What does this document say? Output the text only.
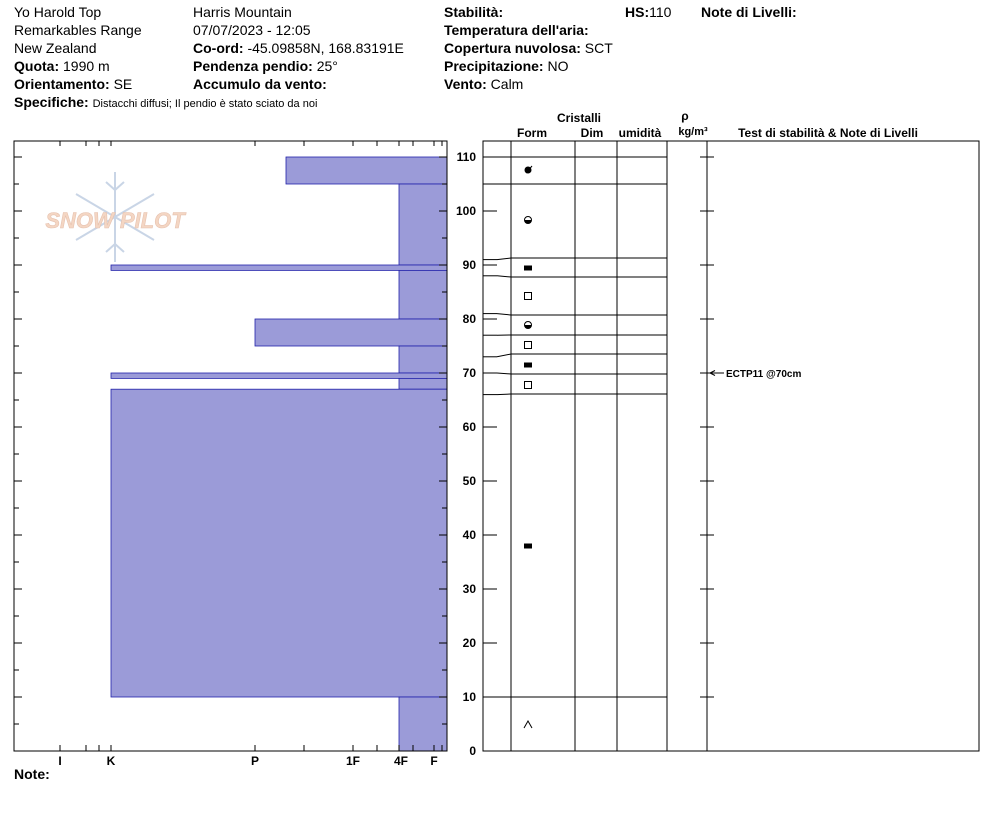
Yo Harold Top
Remarkables Range
New Zealand
Quota: 1990 m
Orientamento: SE
Specifiche: Distacchi diffusi; Il pendio è stato sciato da noi
Harris Mountain
07/07/2023 - 12:05
Co-ord: -45.09858N, 168.83191E
Pendenza pendio: 25°
Accumulo da vento:
Stabilità:
Temperatura dell'aria:
Copertura nuvolosa: SCT
Precipitazione: NO
Vento: Calm
HS:110 Note di Livelli:
Note:
SNOW PILOT
I	K	P	1F	4F F
0
10
20
30
40
50
60
70
80
90
100
110
Cristalli
Form	Dim umidità
ρ
kg/m³	Test di stabilità & Note di Livelli
ECTP11 @70cm
